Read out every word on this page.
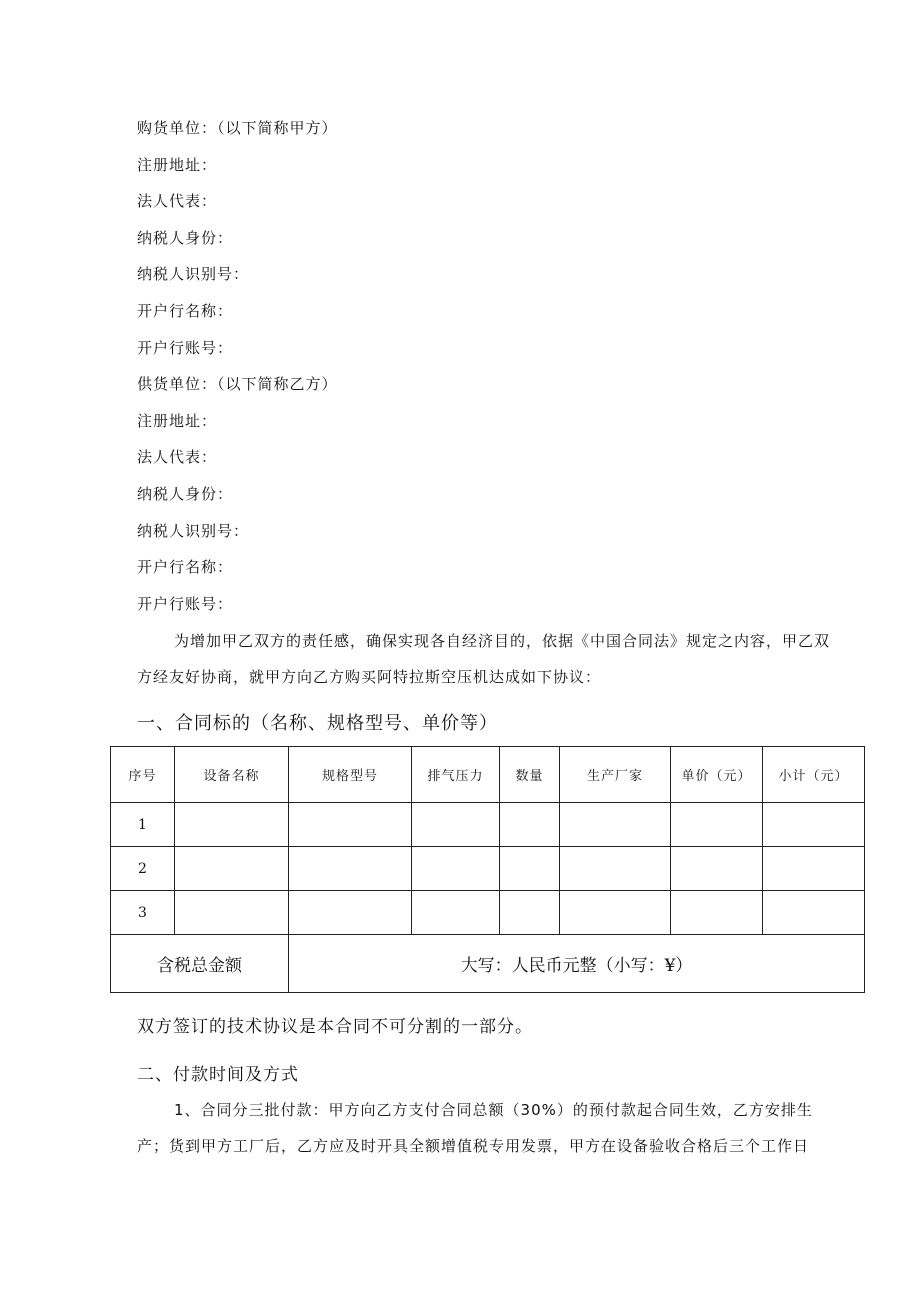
购货单位：（以下简称甲方）
注册地址：
法人代表：
纳税人身份：
纳税人识别号：
开户行名称：
开户行账号：
供货单位：（以下简称乙方）
注册地址：
法人代表：
纳税人身份：
纳税人识别号：
开户行名称：
开户行账号：
为增加甲乙双方的责任感，确保实现各自经济目的，依据《中国合同法》规定之内容，甲乙双
方经友好协商，就甲方向乙方购买阿特拉斯空压机达成如下协议：
一、合同标的（名称、规格型号、单价等）
序号	设备名称	规格型号	排气压力	数量	生产厂家	单价（元）	小计（元）
1							
2							
3							
含税总金额		大写：人民币元整（小写：¥）					
双方签订的技术协议是本合同不可分割的一部分。
二、付款时间及方式
1、合同分三批付款：甲方向乙方支付合同总额（30%）的预付款起合同生效，乙方安排生
产；货到甲方工厂后，乙方应及时开具全额增值税专用发票，甲方在设备验收合格后三个工作日
